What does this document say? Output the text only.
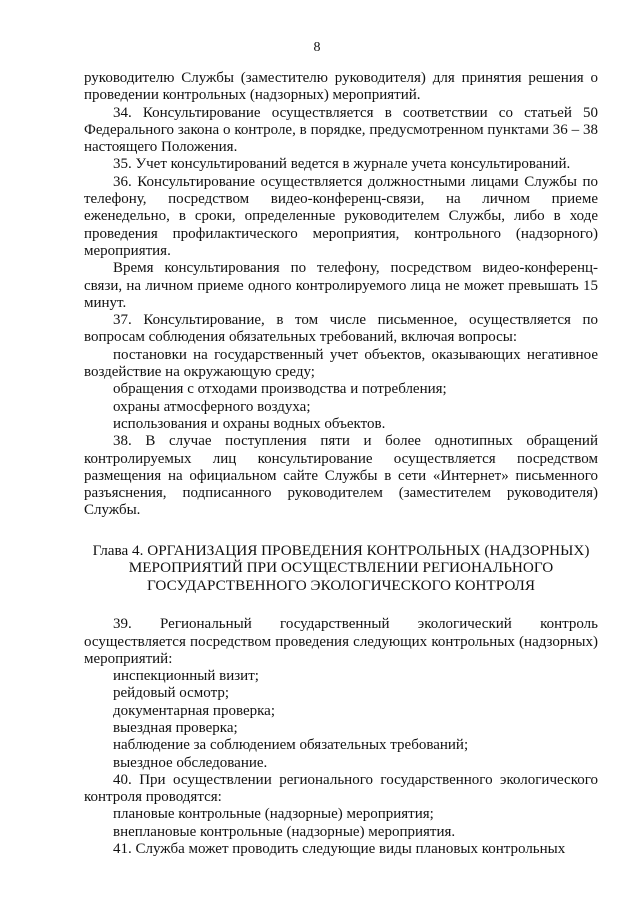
8

руководителю Службы (заместителю руководителя) для принятия решения о проведении контрольных (надзорных) мероприятий.

34. Консультирование осуществляется в соответствии со статьей 50 Федерального закона о контроле, в порядке, предусмотренном пунктами 36 – 38 настоящего Положения.

35. Учет консультирований ведется в журнале учета консультирований.

36. Консультирование осуществляется должностными лицами Службы по телефону, посредством видео-конференц-связи, на личном приеме еженедельно, в сроки, определенные руководителем Службы, либо в ходе проведения профилактического мероприятия, контрольного (надзорного) мероприятия.

Время консультирования по телефону, посредством видео-конференц-связи, на личном приеме одного контролируемого лица не может превышать 15 минут.

37. Консультирование, в том числе письменное, осуществляется по вопросам соблюдения обязательных требований, включая вопросы:

постановки на государственный учет объектов, оказывающих негативное воздействие на окружающую среду;

обращения с отходами производства и потребления;

охраны атмосферного воздуха;

использования и охраны водных объектов.

38. В случае поступления пяти и более однотипных обращений контролируемых лиц консультирование осуществляется посредством размещения на официальном сайте Службы в сети «Интернет» письменного разъяснения, подписанного руководителем (заместителем руководителя) Службы.

Глава 4. ОРГАНИЗАЦИЯ ПРОВЕДЕНИЯ КОНТРОЛЬНЫХ (НАДЗОРНЫХ) МЕРОПРИЯТИЙ ПРИ ОСУЩЕСТВЛЕНИИ РЕГИОНАЛЬНОГО ГОСУДАРСТВЕННОГО ЭКОЛОГИЧЕСКОГО КОНТРОЛЯ

39. Региональный государственный экологический контроль осуществляется посредством проведения следующих контрольных (надзорных) мероприятий:

инспекционный визит;

рейдовый осмотр;

документарная проверка;

выездная проверка;

наблюдение за соблюдением обязательных требований;

выездное обследование.

40. При осуществлении регионального государственного экологического контроля проводятся:

плановые контрольные (надзорные) мероприятия;

внеплановые контрольные (надзорные) мероприятия.

41. Служба может проводить следующие виды плановых контрольных
